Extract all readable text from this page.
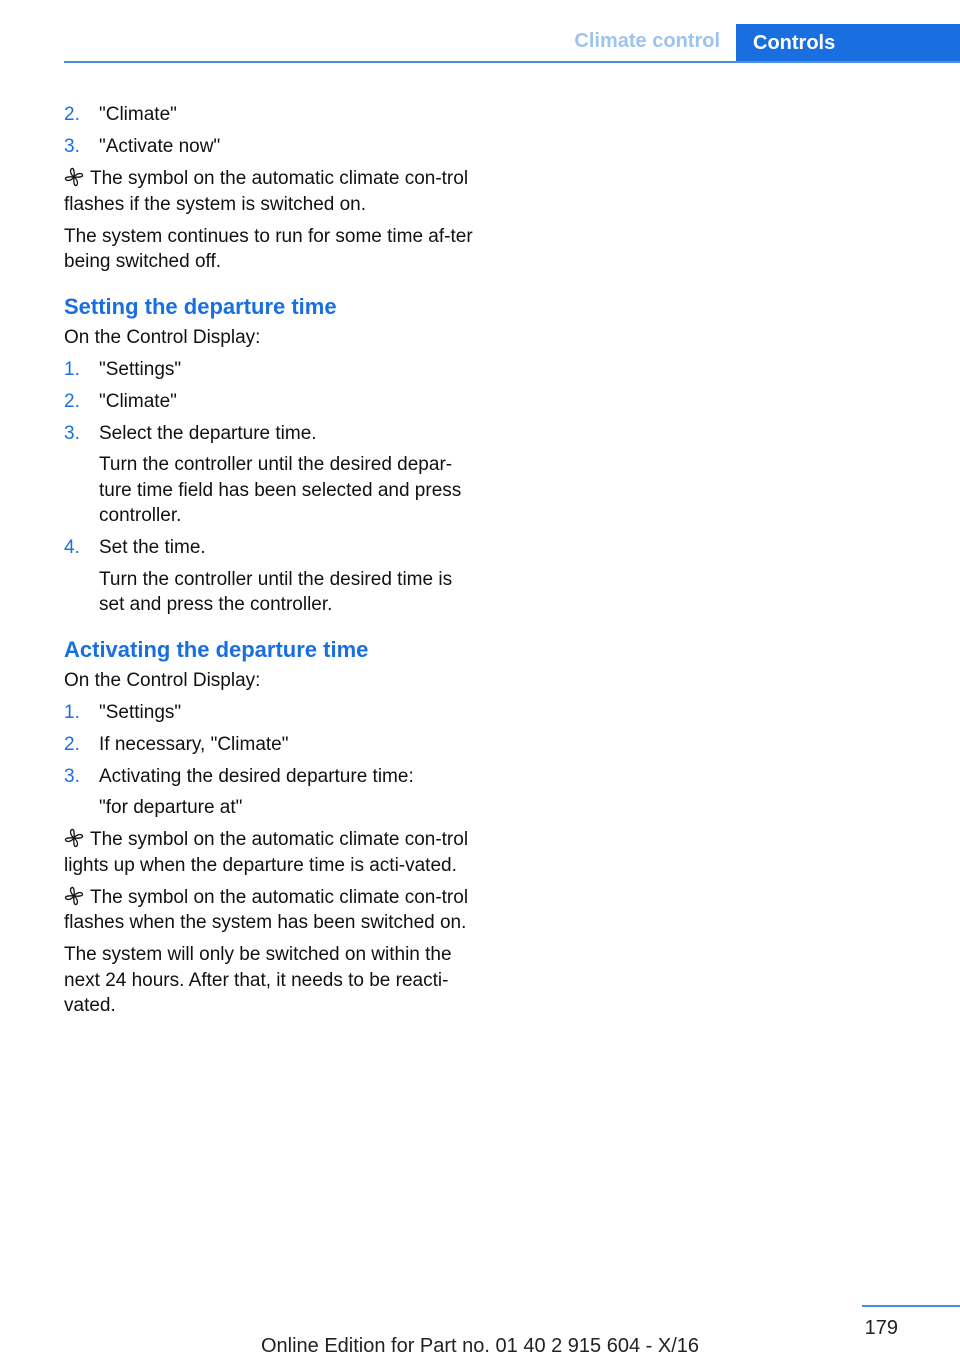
Climate control	Controls
2. "Climate"
3. "Activate now"

The symbol on the automatic climate con-trol flashes if the system is switched on.

The system continues to run for some time af-ter being switched off.

Setting the departure time

On the Control Display:

1. "Settings"
2. "Climate"
3. Select the departure time.
Turn the controller until the desired depar-ture time field has been selected and press controller.
4. Set the time.
Turn the controller until the desired time is set and press the controller.
Activating the departure time

On the Control Display:

1. "Settings"
2. If necessary, "Climate"
3. Activating the desired departure time:
"for departure at"

The symbol on the automatic climate con-trol lights up when the departure time is acti-vated.

The symbol on the automatic climate con-trol flashes when the system has been switched on.

The system will only be switched on within the next 24 hours. After that, it needs to be reacti-vated.

179
Online Edition for Part no. 01 40 2 915 604 - X/16
